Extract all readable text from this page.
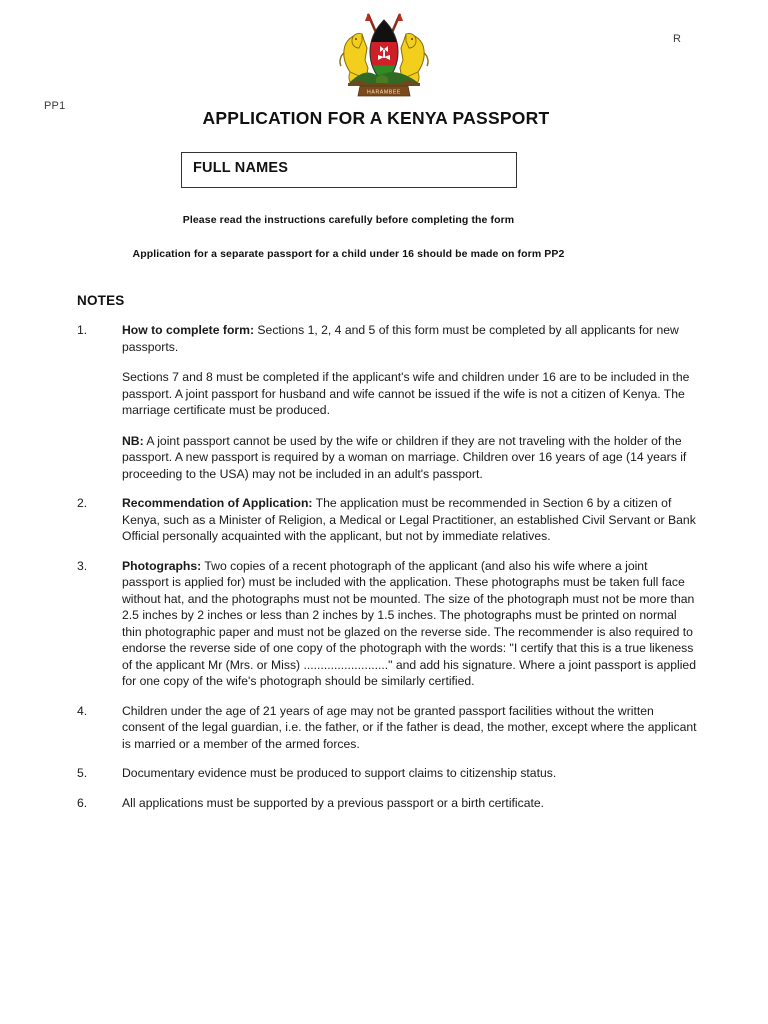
R
PP1
HARAMBEE
APPLICATION FOR A KENYA PASSPORT
FULL NAMES
Please read the instructions carefully before completing the form
Application for a separate passport for a child under 16 should be made on form PP2
NOTES
1.	How to complete form: Sections 1, 2, 4 and 5 of this form must be completed by all applicants for new passports.

Sections 7 and 8 must be completed if the applicant's wife and children under 16 are to be included in the passport. A joint passport for husband and wife cannot be issued if the wife is not a citizen of Kenya. The marriage certificate must be produced.

NB: A joint passport cannot be used by the wife or children if they are not traveling with the holder of the passport. A new passport is required by a woman on marriage. Children over 16 years of age (14 years if proceeding to the USA) may not be included in an adult's passport.

2.	Recommendation of Application: The application must be recommended in Section 6 by a citizen of Kenya, such as a Minister of Religion, a Medical or Legal Practitioner, an established Civil Servant or Bank Official personally acquainted with the applicant, but not by immediate relatives.

3.	Photographs: Two copies of a recent photograph of the applicant (and also his wife where a joint passport is applied for) must be included with the application. These photographs must be taken full face without hat, and the photographs must not be mounted. The size of the photograph must not be more than 2.5 inches by 2 inches or less than 2 inches by 1.5 inches. The photographs must be printed on normal thin photographic paper and must not be glazed on the reverse side. The recommender is also required to endorse the reverse side of one copy of the photograph with the words: "I certify that this is a true likeness of the applicant Mr (Mrs. or Miss) ........................." and add his signature. Where a joint passport is applied for one copy of the wife's photograph should be similarly certified.

4.	Children under the age of 21 years of age may not be granted passport facilities without the written consent of the legal guardian, i.e. the father, or if the father is dead, the mother, except where the applicant is married or a member of the armed forces.

5.	Documentary evidence must be produced to support claims to citizenship status.

6.	All applications must be supported by a previous passport or a birth certificate.
